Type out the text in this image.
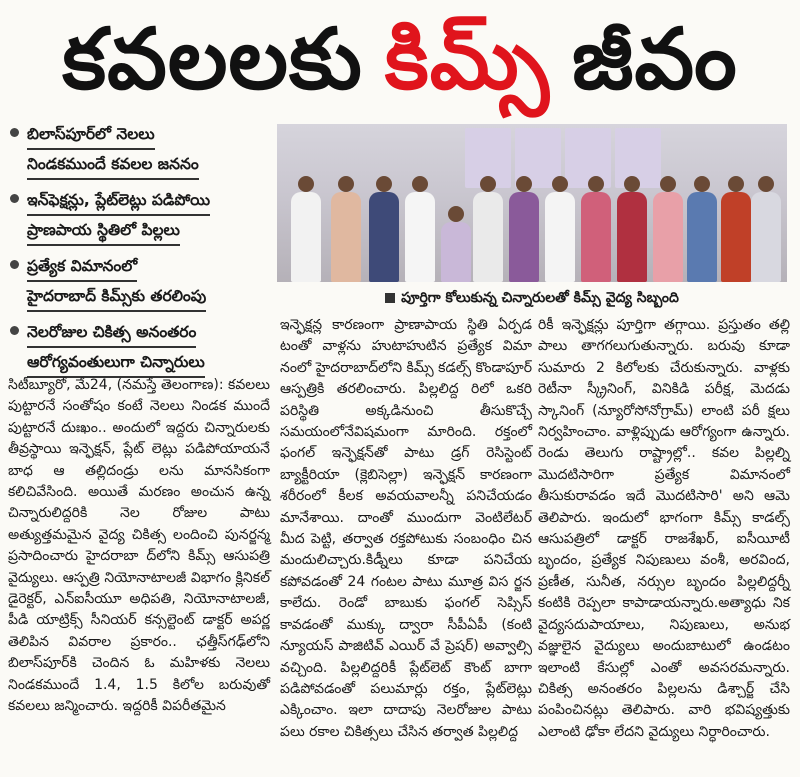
కవలలకు కిమ్స్ జీవం
బిలాస్‌పూర్‌లో నెలలు
నిండకముందే కవలల జననం
ఇన్‌ఫెక్షన్లు, ప్లేట్‌లెట్లు పడిపోయి
ప్రాణపాయ స్థితిలో పిల్లలు
ప్రత్యేక విమానంలో
హైదరాబాద్ కిమ్స్‌కు తరలింపు
నెలరోజుల చికిత్స అనంతరం
ఆరోగ్యవంతులుగా చిన్నారులు
పూర్తిగా కోలుకున్న చిన్నారులతో కిమ్స్ వైద్య సిబ్బంది

సిటీబ్యూరో, మే24, (నమస్తే తెలంగాణ): కవలలు పుట్టారనే సంతోషం కంటే నెలలు నిండక ముందే పుట్టారనే దుఃఖం.. అందులో ఇద్దరు చిన్నారులకు తీవ్రస్థాయి ఇన్ఫెక్షన్, ప్లేట్ లెట్లు పడిపోయాయనే బాధ ఆ తల్లిదండ్రు లను మానసికంగా కలిచివేసింది. అయితే మరణం అంచున ఉన్న చిన్నారులిద్దరికి నెల రోజుల పాటు అత్యుత్తమమైన వైద్య చికిత్స లందించి పునర్జన్మ ప్రసాదించారు హైదరాబా ద్‌లోని కిమ్స్ ఆసుపత్రి వైద్యులు. ఆస్పత్రి నియోనాటాలజీ విభాగం క్లినికల్ డైరెక్టర్, ఎన్ఐసీయూ అధిపతి, నియోనాటాలజీ, పీడి యాట్రిక్స్ సీనియర్ కన్సల్టెంట్ డాక్టర్ అపర్ణ తెలిపిన వివరాల ప్రకారం.. ఛత్తీస్‌గఢ్‌లోని బిలాస్‌పూర్‌కి చెందిన ఓ మహిళకు నెలలు నిండకముందే 1.4, 1.5 కిలోల బరువుతో కవలలు జన్మించారు. ఇద్దరికీ విపరీతమైన

ఇన్ఫెక్షన్ల కారణంగా ప్రాణాపాయ స్థితి ఏర్పడ టంతో వాళ్లను హుటాహుటిన ప్రత్యేక విమా నంలో హైదరాబాద్‌లోని కిమ్స్ కడల్స్ కొండాపూర్ ఆస్పత్రికి తరలించారు. పిల్లలిద్ద రిలో ఒకరి పరిస్థితి అక్కడినుంచి తీసుకొచ్చే సమయంలోనేవిషమంగా మారింది. రక్తంలో ఫంగల్ ఇన్ఫెక్షన్‌తో పాటు డ్రగ్ రెసిస్టెంట్ బ్యాక్టీరియా (క్లెబిసెల్లా) ఇన్ఫెక్షన్ కారణంగా శరీరంలో కీలక అవయవాలన్నీ పనిచేయడం మానేశాయి. దాంతో ముందుగా వెంటిలేటర్ మీద పెట్టి, తర్వాత రక్తపోటుకు సంబంధిం చిన మందులిచ్చారు.కిడ్నీలు కూడా పనిచేయ కపోవడంతో 24 గంటల పాటు మూత్ర విస ర్జన కాలేదు. రెండో బాబుకు ఫంగల్ సెప్సిస్ కావడంతో ముక్కు ద్వారా సీపీఏపీ (కంటి న్యూయస్ పాజిటివ్ ఎయిర్ వే ప్రెషర్) అవ్వాల్సి వచ్చింది. పిల్లలిద్దరికీ ప్లేట్‌లెట్ కౌంట్ బాగా పడిపోవడంతో పలుమార్లు రక్తం, ప్లేట్‌లెట్లు ఎక్కించాం. ఇలా దాదాపు నెలరోజుల పాటు పలు రకాల చికిత్సలు చేసిన తర్వాత పిల్లలిద్ద

రికీ ఇన్ఫెక్షన్లు పూర్తిగా తగ్గాయి. ప్రస్తుతం తల్లి పాలు తాగగలుగుతున్నారు. బరువు కూడా సుమారు 2 కిలోలకు చేరుకున్నారు. వాళ్లకు రెటీనా స్క్రీనింగ్, వినికిడి పరీక్ష, మెదడు స్కానింగ్ (న్యూరోసోనోగ్రామ్) లాంటి పరీ క్షలు నిర్వహించాం. వాళ్లిప్పుడు ఆరోగ్యంగా ఉన్నారు. రెండు తెలుగు రాష్ట్రాల్లో.. కవల పిల్లల్ని మొదటిసారిగా ప్రత్యేక విమానంలో తీసుకురావడం ఇదే మొదటిసారి' అని ఆమె తెలిపారు. ఇందులో భాగంగా కిమ్స్ కాడల్స్ ఆసుపత్రిలో డాక్టర్ రాజశేఖర్, ఐసీయీటీ బృందం, ప్రత్యేక నిపుణులు వంశీ, అరవింద, ప్రణీత, సునీత, నర్సుల బృందం పిల్లలిద్దర్నీ కంటికి రెప్పలా కాపాడాయన్నారు.అత్యాధు నిక వైద్యసదుపాయాలు, నిపుణులు, అనుభ వజ్ఞులైన వైద్యులు అందుబాటులో ఉండటం ఇలాంటి కేసుల్లో ఎంతో అవసరమన్నారు. చికిత్స అనంతరం పిల్లలను డిశ్చార్జ్ చేసి పంపించినట్లు తెలిపారు. వారి భవిష్యత్తుకు ఎలాంటి ఢోకా లేదని వైద్యులు నిర్ధారించారు.
